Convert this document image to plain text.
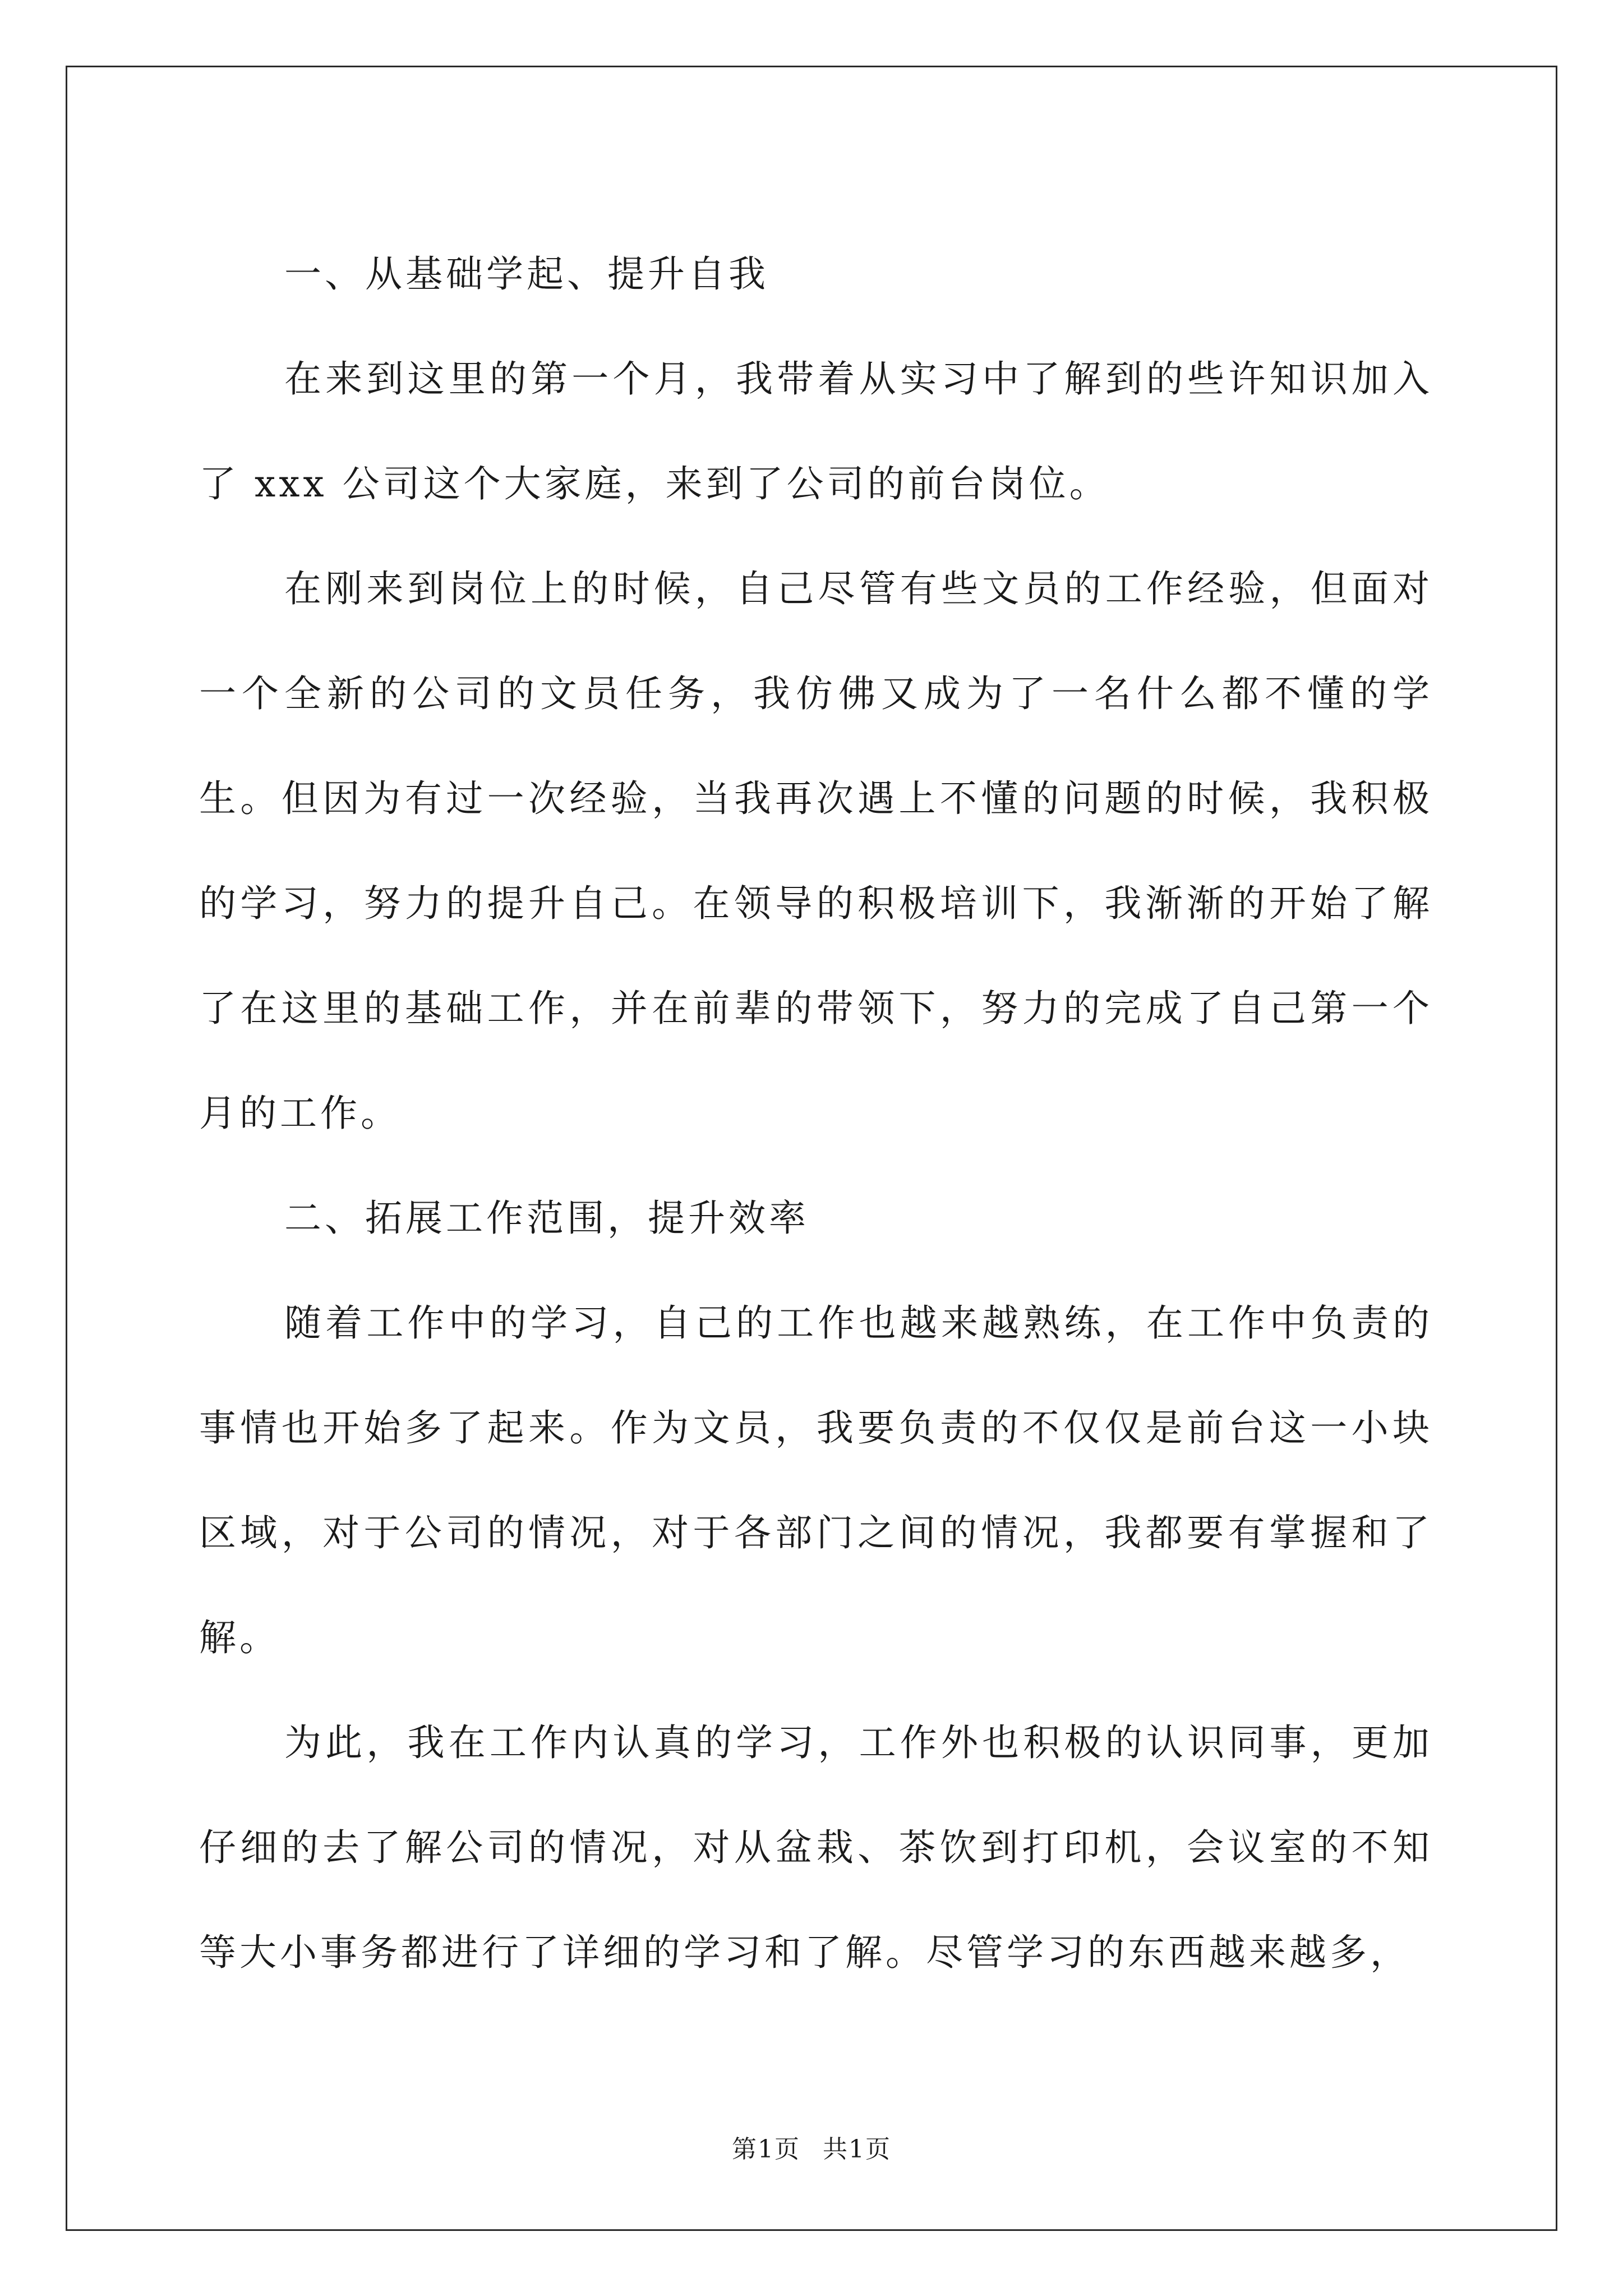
一、从基础学起、提升自我

在来到这里的第一个月，我带着从实习中了解到的些许知识加入了 xxx 公司这个大家庭，来到了公司的前台岗位。

在刚来到岗位上的时候，自己尽管有些文员的工作经验，但面对一个全新的公司的文员任务，我仿佛又成为了一名什么都不懂的学生。但因为有过一次经验，当我再次遇上不懂的问题的时候，我积极的学习，努力的提升自己。在领导的积极培训下，我渐渐的开始了解了在这里的基础工作，并在前辈的带领下，努力的完成了自己第一个月的工作。

二、拓展工作范围，提升效率

随着工作中的学习，自己的工作也越来越熟练，在工作中负责的事情也开始多了起来。作为文员，我要负责的不仅仅是前台这一小块区域，对于公司的情况，对于各部门之间的情况，我都要有掌握和了解。

为此，我在工作内认真的学习，工作外也积极的认识同事，更加仔细的去了解公司的情况，对从盆栽、茶饮到打印机，会议室的不知等大小事务都进行了详细的学习和了解。尽管学习的东西越来越多，

第1页 共1页
